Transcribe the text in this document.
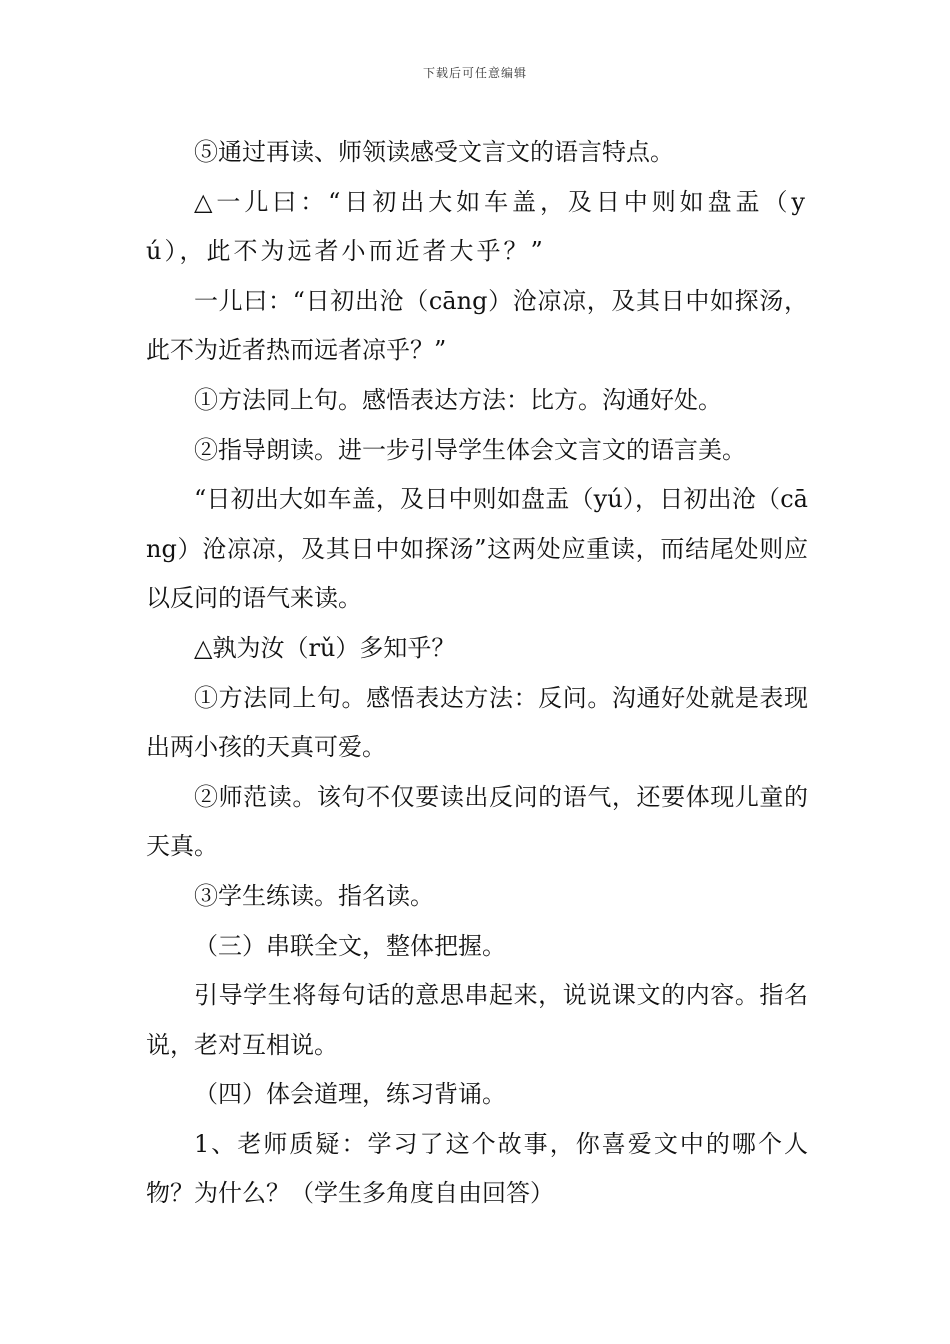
下载后可任意编辑

⑤通过再读、师领读感受文言文的语言特点。

△一儿曰：“日初出大如车盖，及日中则如盘盂（yú），此不为远者小而近者大乎？”

一儿曰：“日初出沧（cāng）沧凉凉，及其日中如探汤，此不为近者热而远者凉乎？”

①方法同上句。感悟表达方法：比方。沟通好处。

②指导朗读。进一步引导学生体会文言文的语言美。

“日初出大如车盖，及日中则如盘盂（yú），日初出沧（cāng）沧凉凉，及其日中如探汤”这两处应重读，而结尾处则应以反问的语气来读。

△孰为汝（rǔ）多知乎？

①方法同上句。感悟表达方法：反问。沟通好处就是表现出两小孩的天真可爱。

②师范读。该句不仅要读出反问的语气，还要体现儿童的天真。

③学生练读。指名读。

（三）串联全文，整体把握。

引导学生将每句话的意思串起来，说说课文的内容。指名说，老对互相说。

（四）体会道理，练习背诵。

1、老师质疑：学习了这个故事，你喜爱文中的哪个人物？为什么？（学生多角度自由回答）
